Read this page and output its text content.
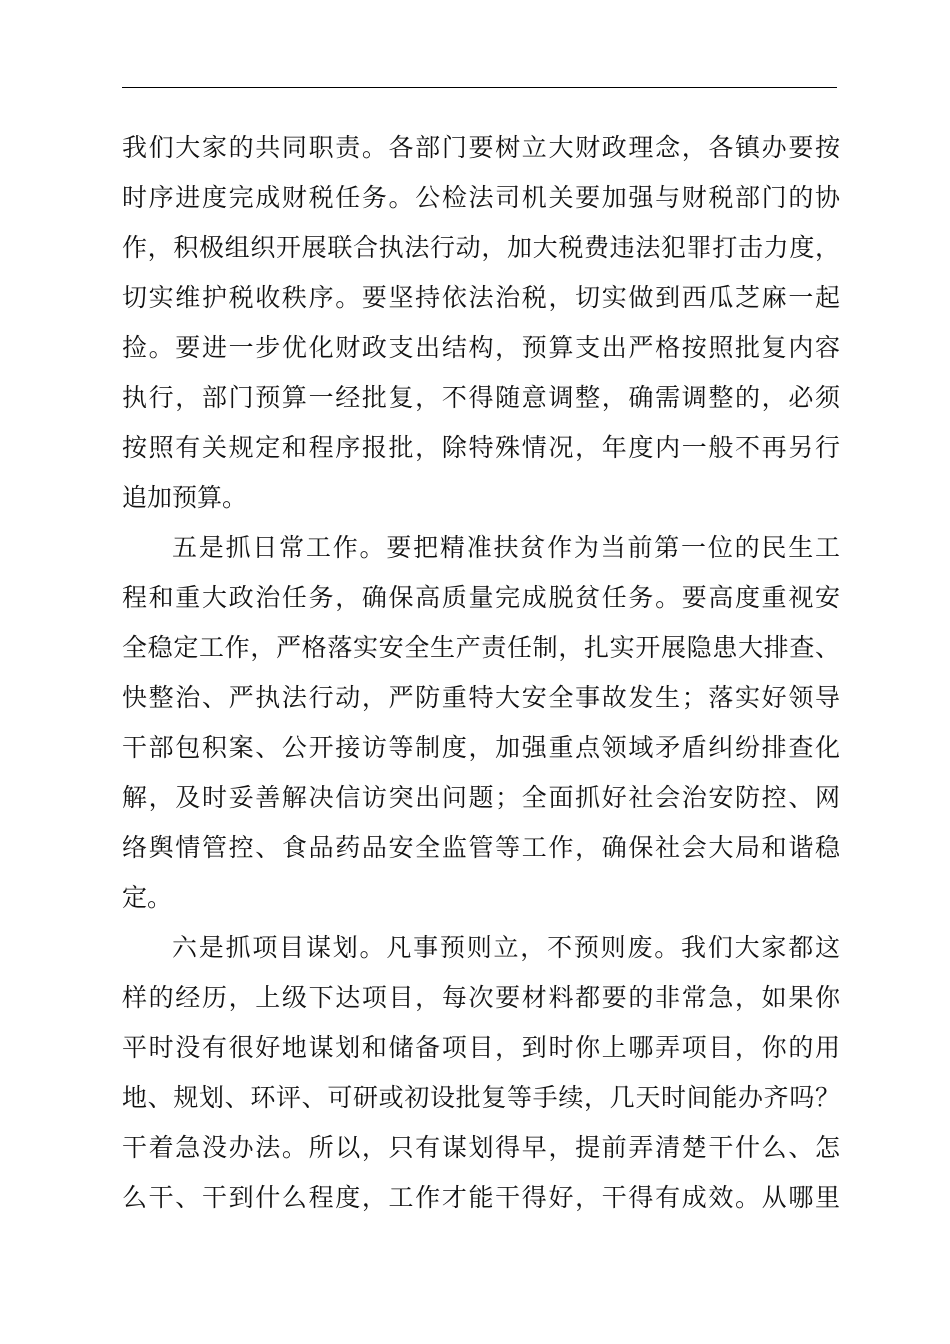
我们大家的共同职责。各部门要树立大财政理念，各镇办要按
时序进度完成财税任务。公检法司机关要加强与财税部门的协
作，积极组织开展联合执法行动，加大税费违法犯罪打击力度，
切实维护税收秩序。要坚持依法治税，切实做到西瓜芝麻一起
捡。要进一步优化财政支出结构，预算支出严格按照批复内容
执行，部门预算一经批复，不得随意调整，确需调整的，必须
按照有关规定和程序报批，除特殊情况，年度内一般不再另行
追加预算。
五是抓日常工作。要把精准扶贫作为当前第一位的民生工
程和重大政治任务，确保高质量完成脱贫任务。要高度重视安
全稳定工作，严格落实安全生产责任制，扎实开展隐患大排查、
快整治、严执法行动，严防重特大安全事故发生；落实好领导
干部包积案、公开接访等制度，加强重点领域矛盾纠纷排查化
解，及时妥善解决信访突出问题；全面抓好社会治安防控、网
络舆情管控、食品药品安全监管等工作，确保社会大局和谐稳
定。
六是抓项目谋划。凡事预则立，不预则废。我们大家都这
样的经历，上级下达项目，每次要材料都要的非常急，如果你
平时没有很好地谋划和储备项目，到时你上哪弄项目，你的用
地、规划、环评、可研或初设批复等手续，几天时间能办齐吗？
干着急没办法。所以，只有谋划得早，提前弄清楚干什么、怎
么干、干到什么程度，工作才能干得好，干得有成效。从哪里
